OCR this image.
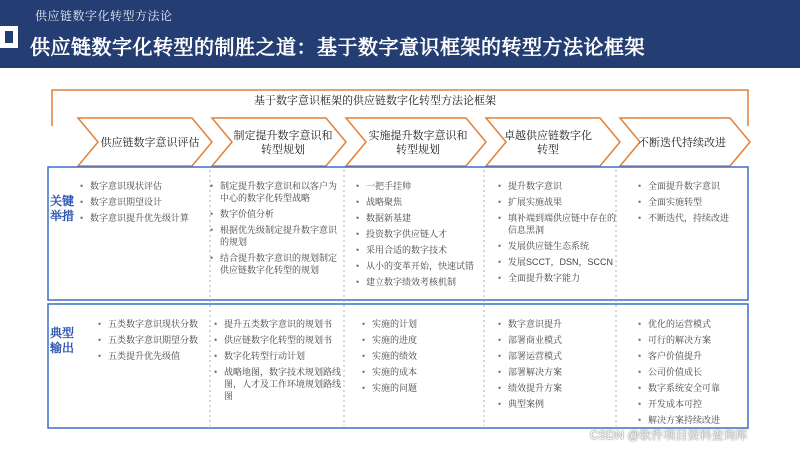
供应链数字化转型方法论
供应链数字化转型的制胜之道：基于数字意识框架的转型方法论框架
基于数字意识框架的供应链数字化转型方法论框架
供应链数字意识评估
制定提升数字意识和转型规划
实施提升数字意识和转型规划
卓越供应链数字化转型
不断迭代持续改进
关键举措
典型输出
• 数字意识现状评估
• 数字意识期望设计
• 数字意识提升优先级计算
• 制定提升数字意识和以客户为中心的数字化转型战略
• 数字价值分析
• 根据优先级制定提升数字意识的规划
• 结合提升数字意识的规划制定供应链数字化转型的规划
• 一把手挂帅
• 战略聚焦
• 数据新基建
• 投资数字供应链人才
• 采用合适的数字技术
• 从小的变革开始，快速试错
• 建立数字绩效考核机制
• 提升数字意识
• 扩展实施战果
• 填补端到端供应链中存在的信息黑洞
• 发展供应链生态系统
• 发展SCCT，DSN，SCCN
• 全面提升数字能力
• 全面提升数字意识
• 全面实施转型
• 不断迭代，持续改进
• 五类数字意识现状分数
• 五类数字意识期望分数
• 五类提升优先级值
• 提升五类数字意识的规划书
• 供应链数字化转型的规划书
• 数字化转型行动计划
• 战略地图，数字技术规划路线图，人才及工作环境规划路线图
• 实施的计划
• 实施的进度
• 实施的绩效
• 实施的成本
• 实施的问题
• 数字意识提升
• 部署商业模式
• 部署运营模式
• 部署解决方案
• 绩效提升方案
• 典型案例
• 优化的运营模式
• 可行的解决方案
• 客户价值提升
• 公司价值成长
• 数字系统安全可靠
• 开发成本可控
• 解决方案持续改进
CSDN @软件项目资料查询库
